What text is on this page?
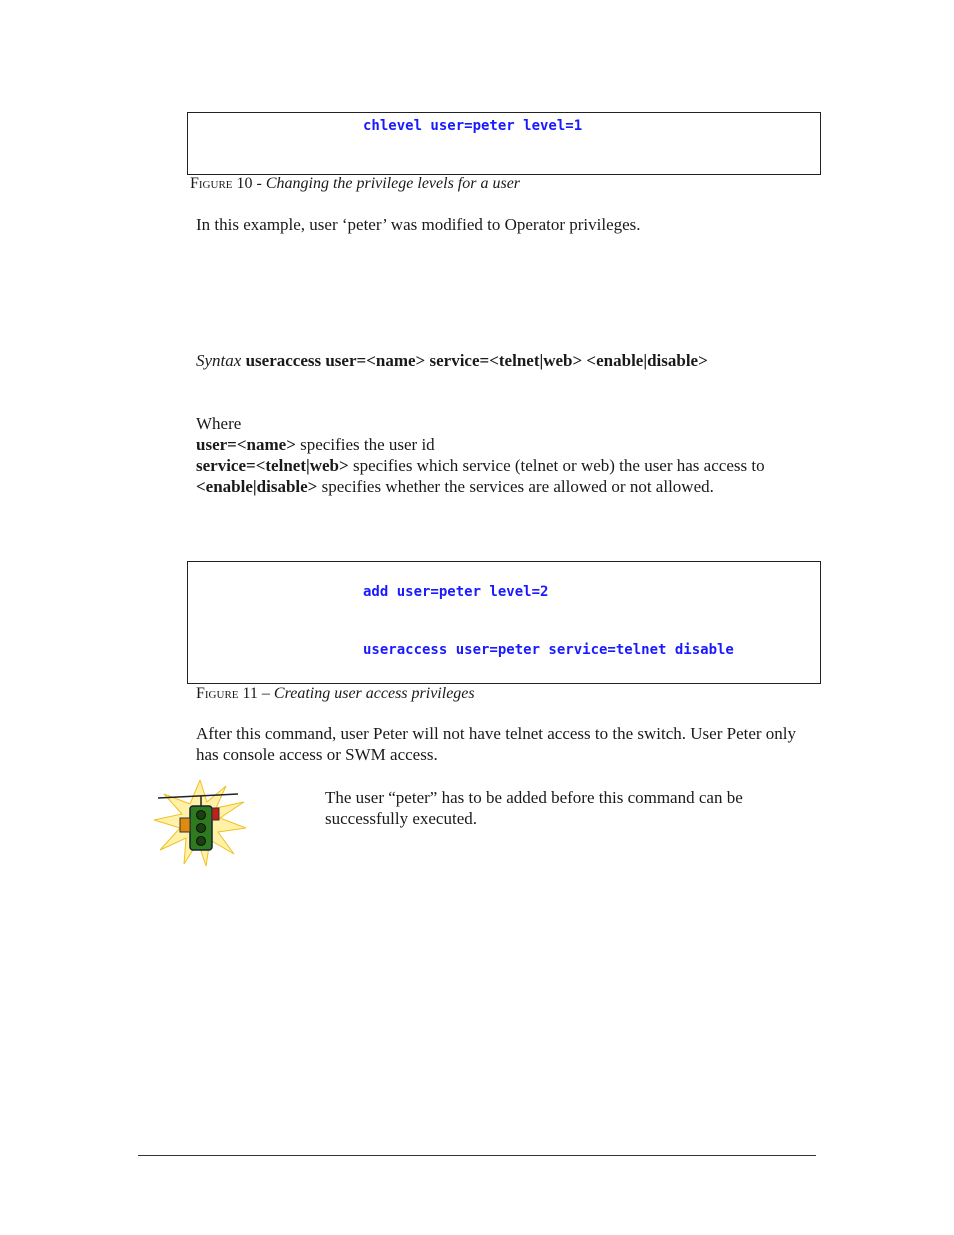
chlevel user=peter level=1
Figure 10 - Changing the privilege levels for a user
In this example, user ‘peter’ was modified to Operator privileges.
Syntax useraccess user=<name> service=<telnet|web> <enable|disable>
Where
user=<name> specifies the user id
service=<telnet|web> specifies which service (telnet or web) the user has access to
<enable|disable> specifies whether the services are allowed or not allowed.
add user=peter level=2
useraccess user=peter service=telnet disable
Figure 11 – Creating user access privileges
After this command, user Peter will not have telnet access to the switch. User Peter only has console access or SWM access.
The user “peter” has to be added before this command can be successfully executed.
